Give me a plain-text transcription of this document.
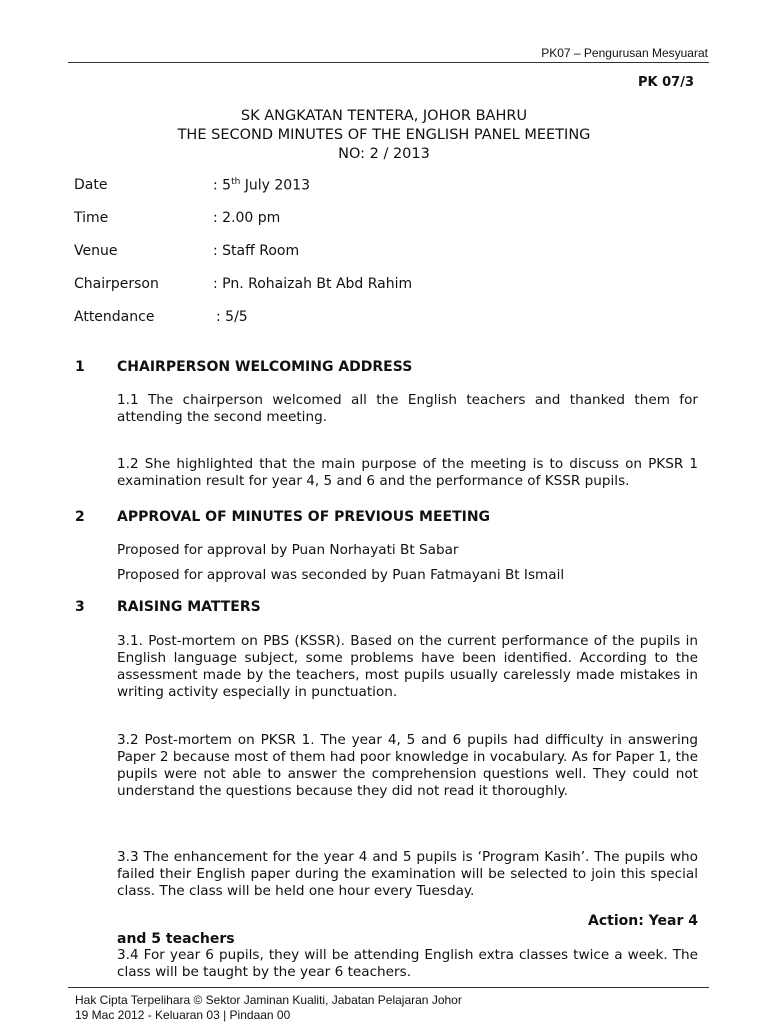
PK07 – Pengurusan Mesyuarat
PK 07/3
SK ANGKATAN TENTERA, JOHOR BAHRU
THE SECOND MINUTES OF THE ENGLISH PANEL MEETING
NO: 2 / 2013
Date	: 5th July 2013
Time	: 2.00 pm
Venue	: Staff Room
Chairperson	: Pn. Rohaizah Bt Abd Rahim
Attendance	: 5/5
1 CHAIRPERSON WELCOMING ADDRESS
1.1 The chairperson welcomed all the English teachers and thanked them for attending the second meeting.
1.2 She highlighted that the main purpose of the meeting is to discuss on PKSR 1 examination result for year 4, 5 and 6 and the performance of KSSR pupils.
2 APPROVAL OF MINUTES OF PREVIOUS MEETING
Proposed for approval by Puan Norhayati Bt Sabar
Proposed for approval was seconded by Puan Fatmayani Bt Ismail
3 RAISING MATTERS
3.1. Post-mortem on PBS (KSSR). Based on the current performance of the pupils in English language subject, some problems have been identified. According to the assessment made by the teachers, most pupils usually carelessly made mistakes in writing activity especially in punctuation.
3.2 Post-mortem on PKSR 1. The year 4, 5 and 6 pupils had difficulty in answering Paper 2 because most of them had poor knowledge in vocabulary. As for Paper 1, the pupils were not able to answer the comprehension questions well. They could not understand the questions because they did not read it thoroughly.
3.3 The enhancement for the year 4 and 5 pupils is ‘Program Kasih’. The pupils who failed their English paper during the examination will be selected to join this special class. The class will be held one hour every Tuesday.
Action: Year 4
and 5 teachers
3.4 For year 6 pupils, they will be attending English extra classes twice a week. The class will be taught by the year 6 teachers.
Hak Cipta Terpelihara © Sektor Jaminan Kualiti, Jabatan Pelajaran Johor
19 Mac 2012 - Keluaran 03 | Pindaan 00
